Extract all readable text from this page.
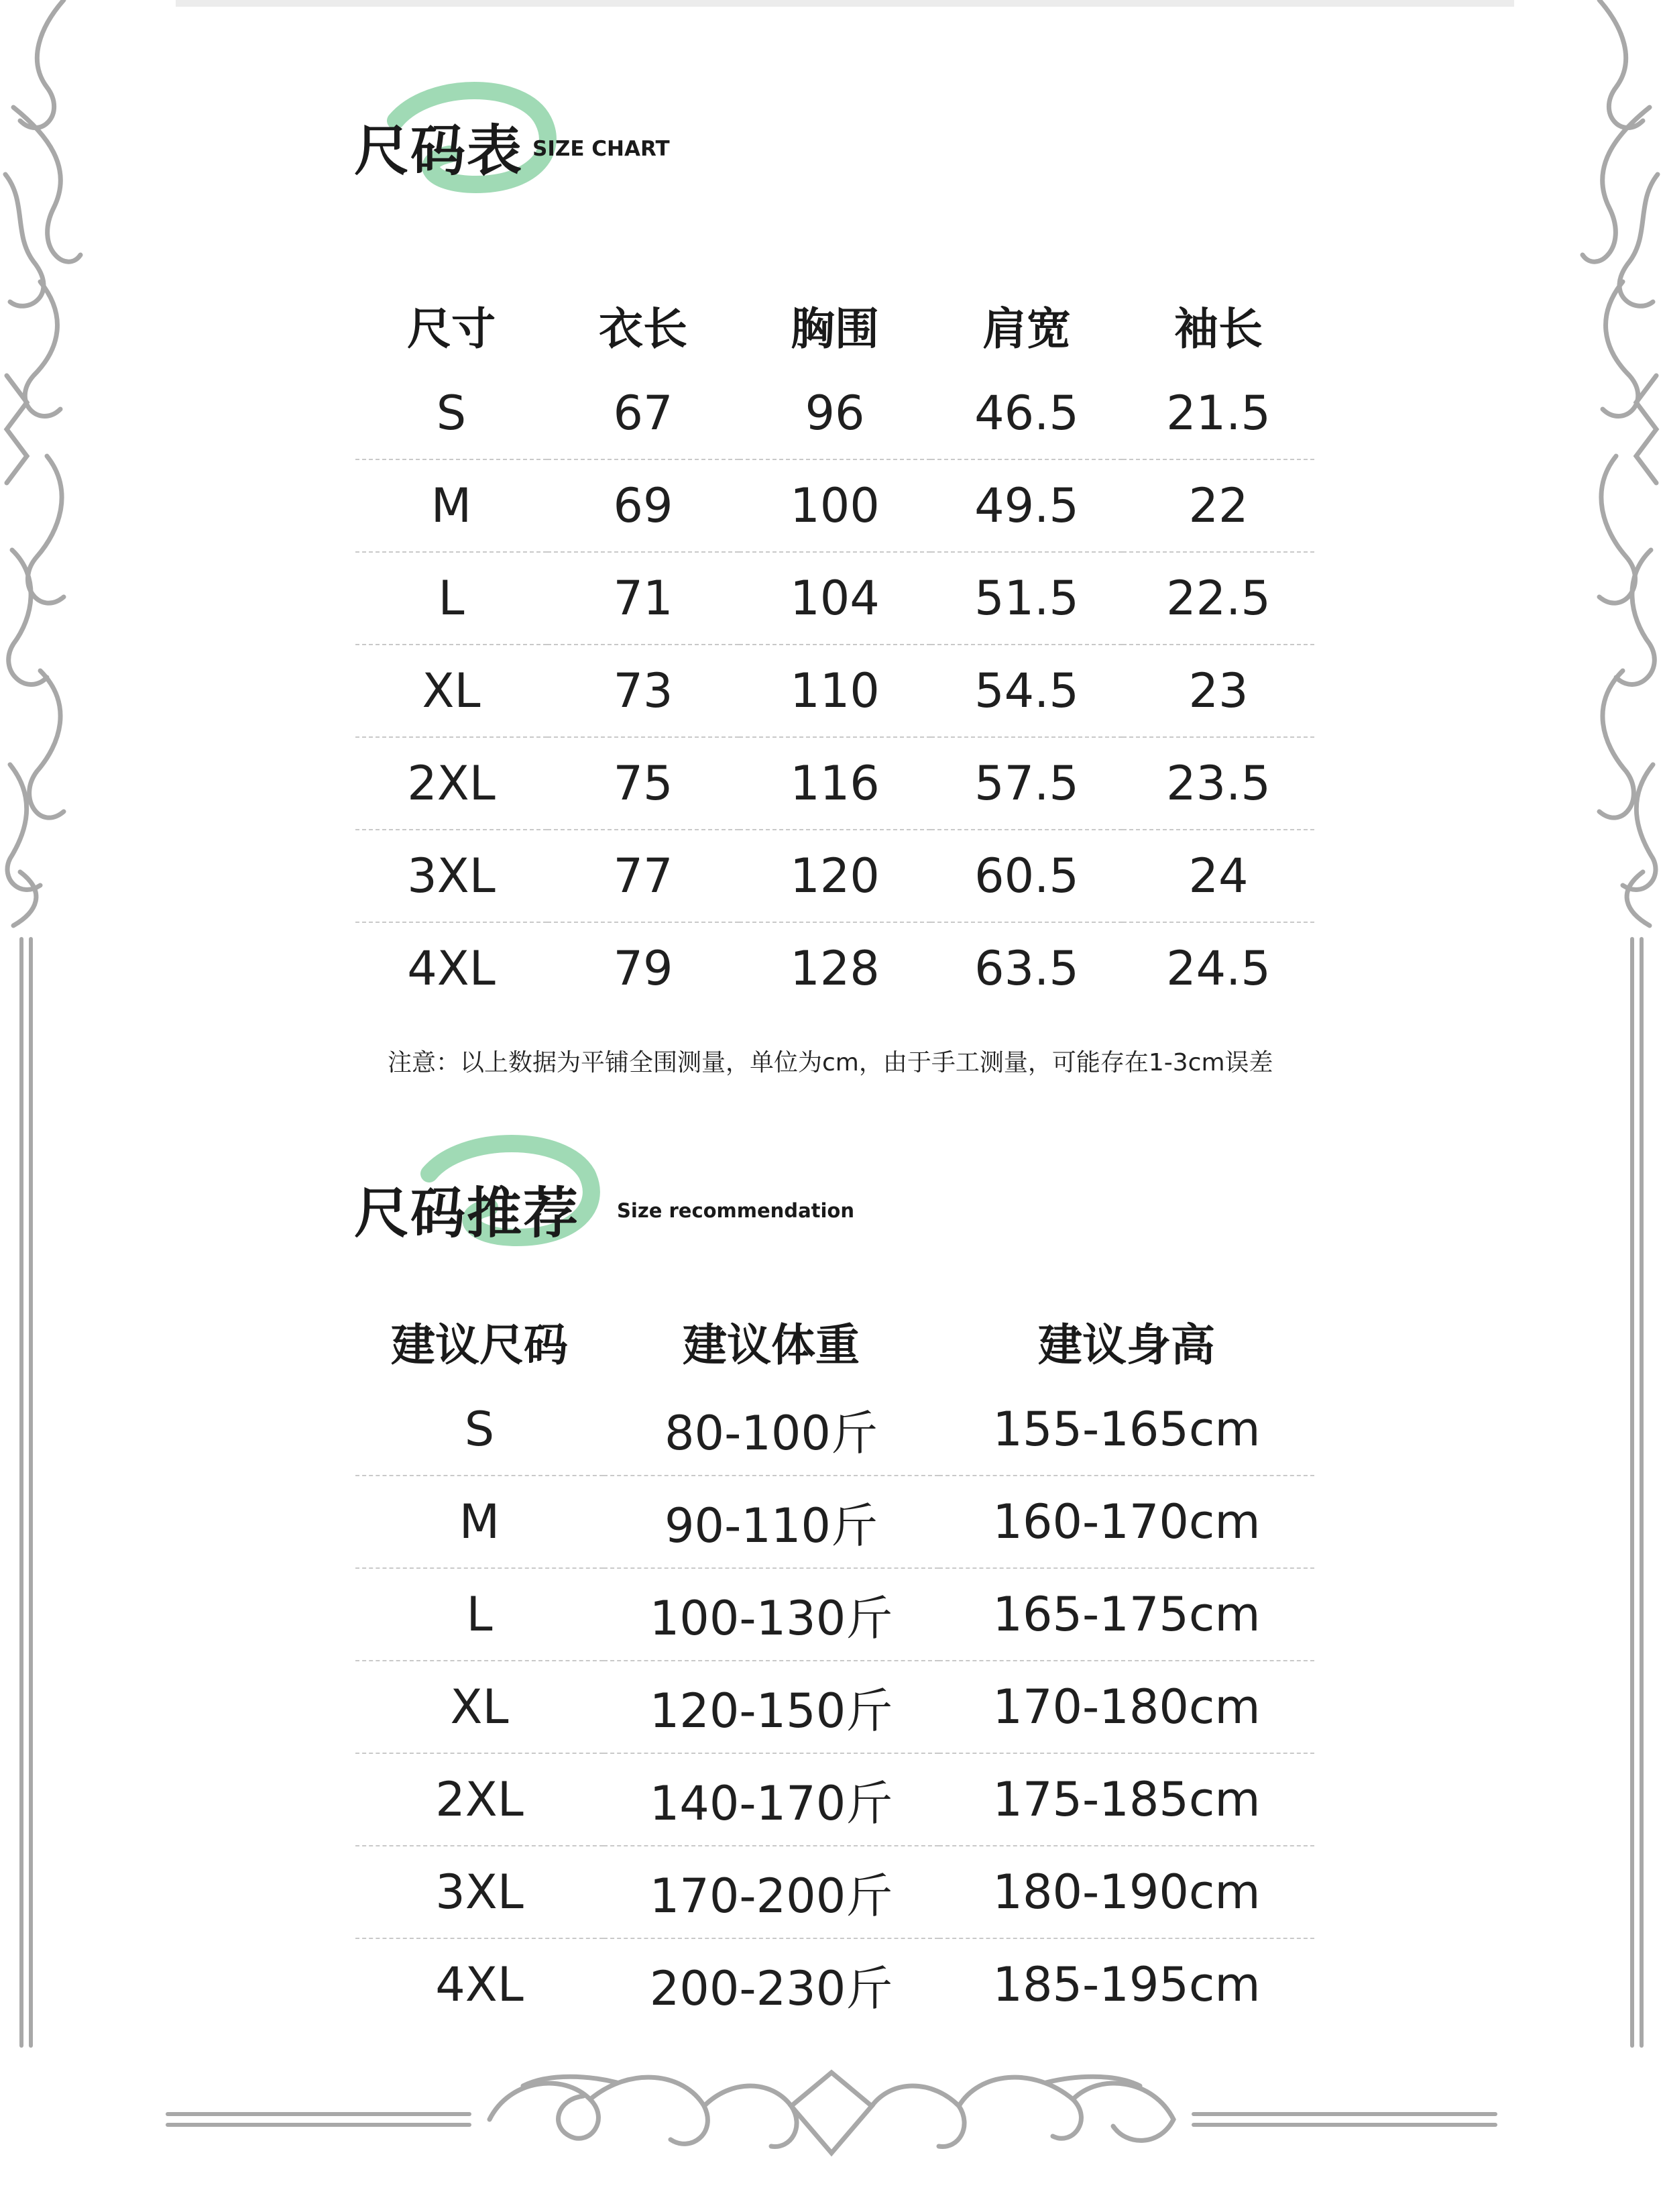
尺码表 SIZE CHART
尺寸	衣长	胸围	肩宽	袖长
S	67	96	46.5	21.5
M	69	100	49.5	22
L	71	104	51.5	22.5
XL	73	110	54.5	23
2XL	75	116	57.5	23.5
3XL	77	120	60.5	24
4XL	79	128	63.5	24.5
注意：以上数据为平铺全围测量，单位为cm，由于手工测量，可能存在1-3cm误差
尺码推荐 Size recommendation
建议尺码	建议体重	建议身高
S	80-100斤	155-165cm
M	90-110斤	160-170cm
L	100-130斤	165-175cm
XL	120-150斤	170-180cm
2XL	140-170斤	175-185cm
3XL	170-200斤	180-190cm
4XL	200-230斤	185-195cm
